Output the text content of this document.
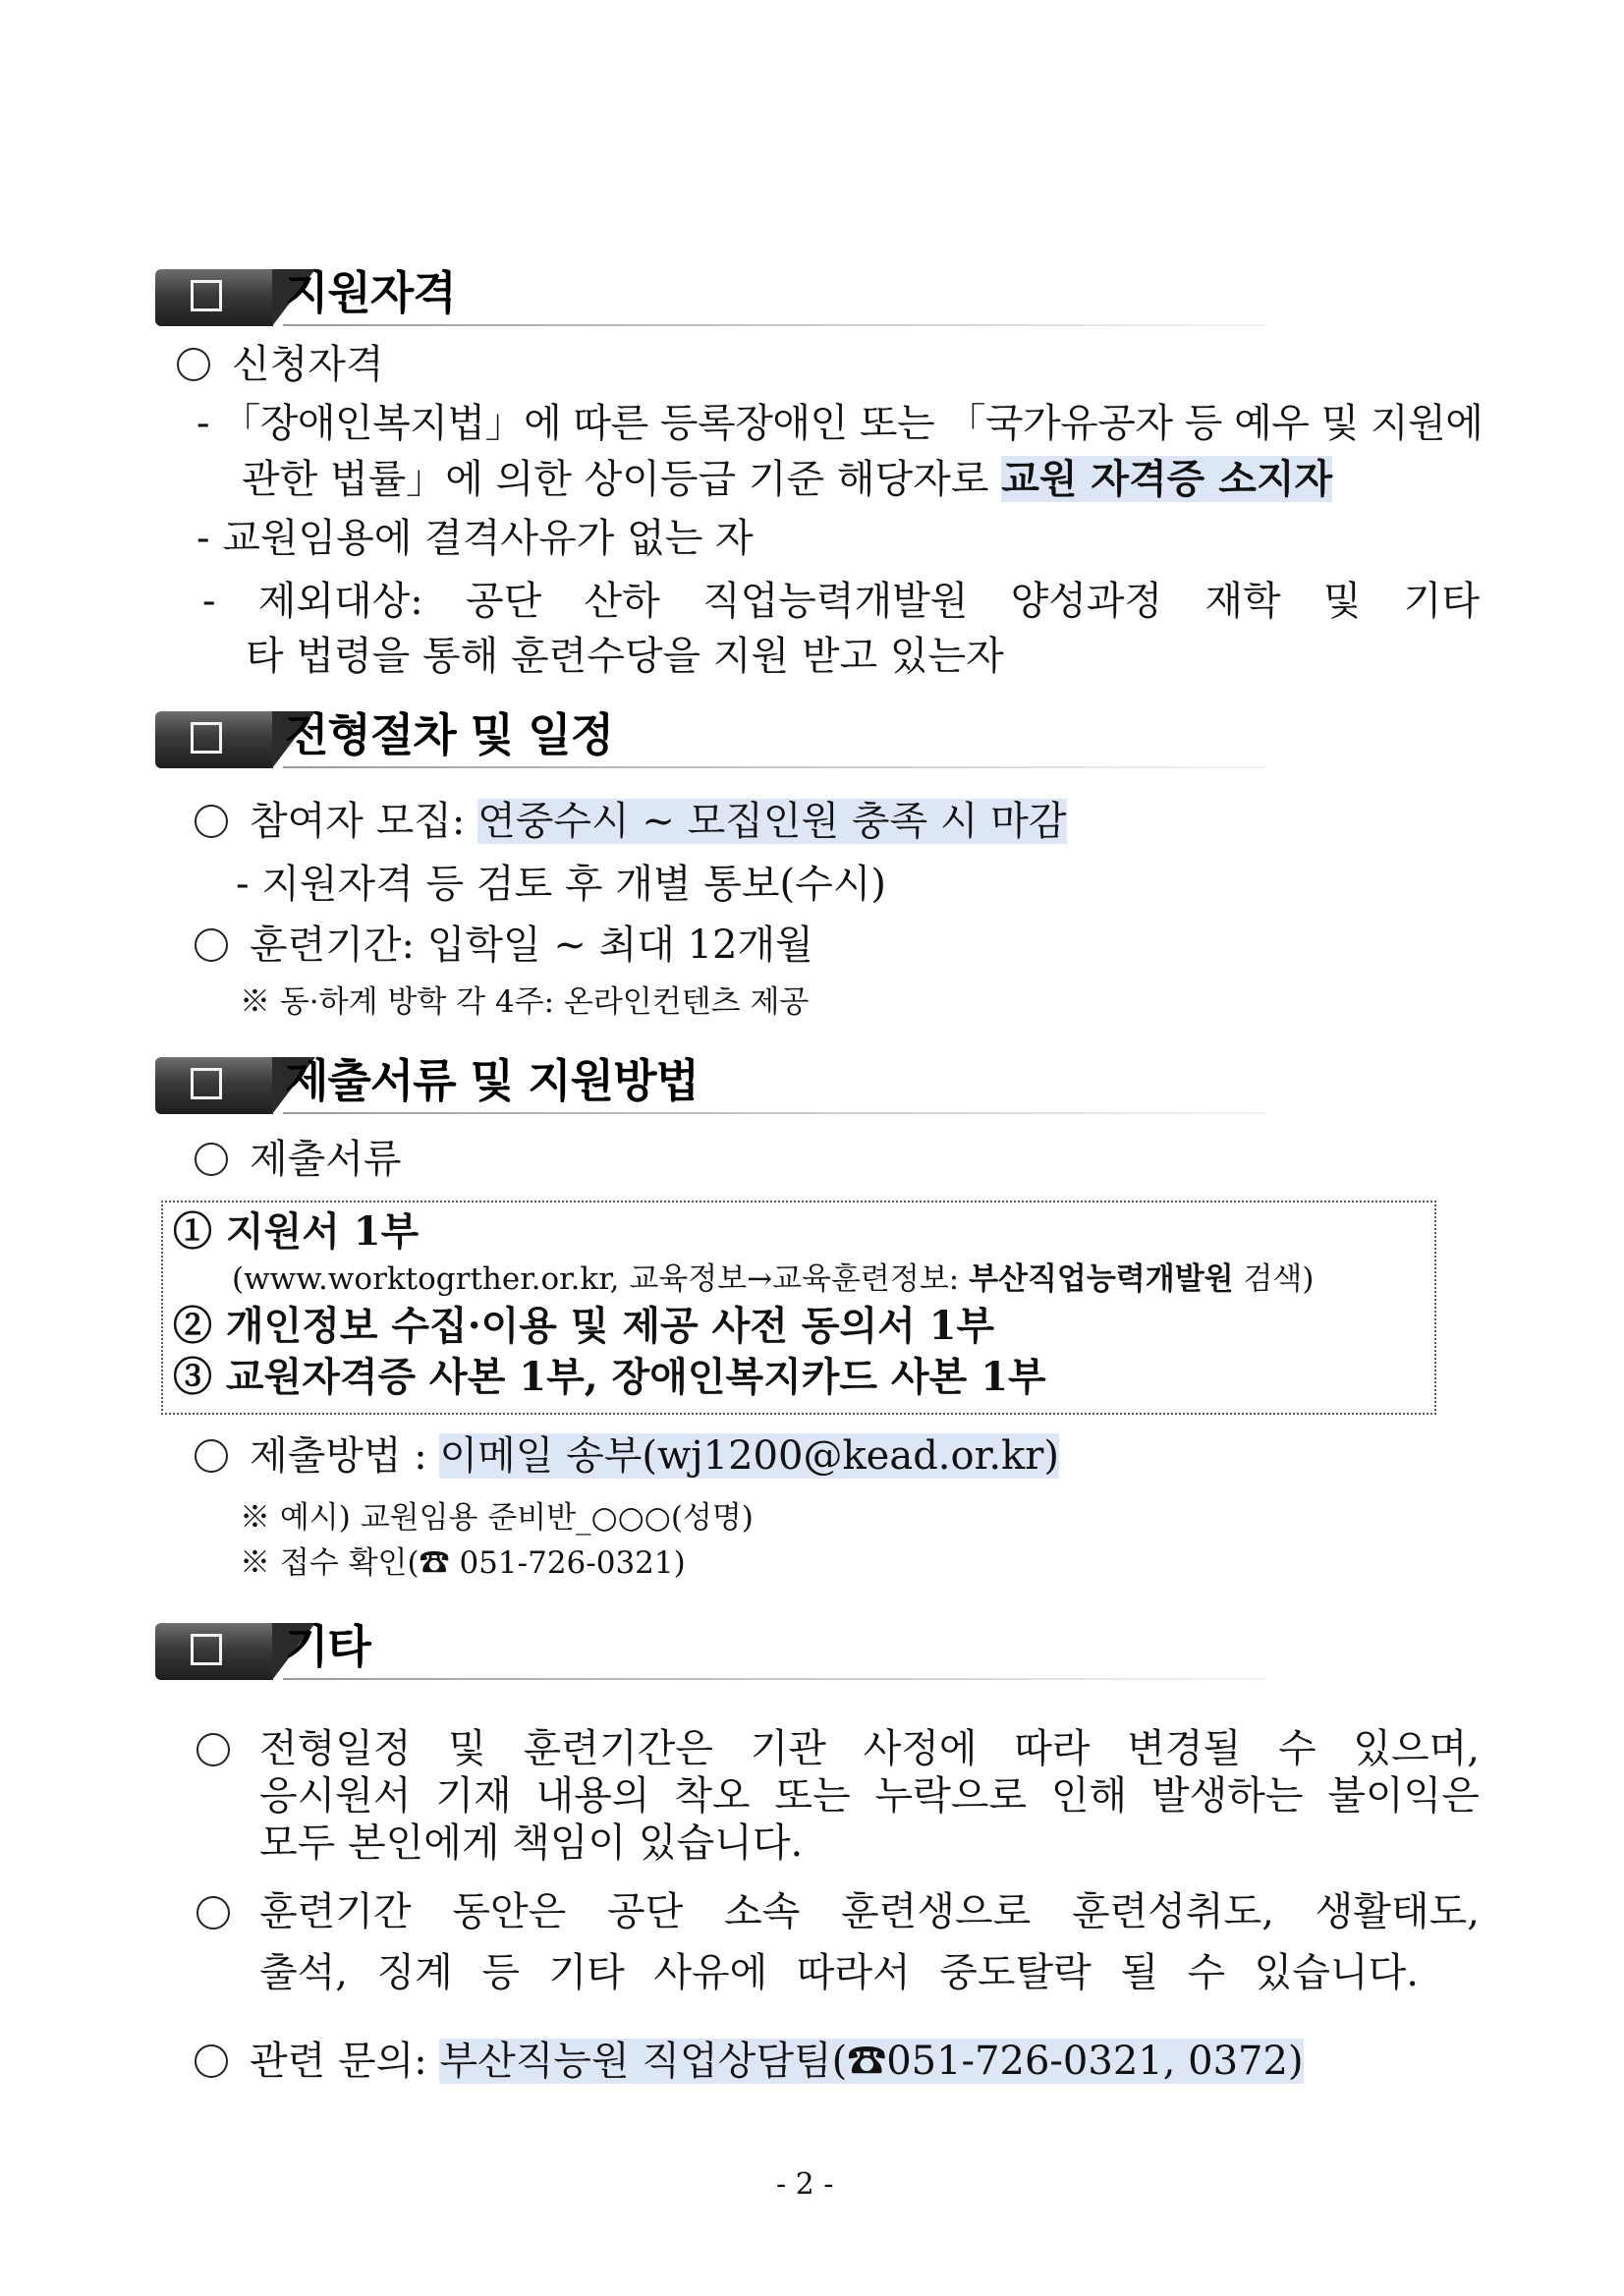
지원자격
신청자격
- 「장애인복지법」에 따른 등록장애인 또는 「국가유공자 등 예우 및 지원에
관한 법률」에 의한 상이등급 기준 해당자로 교원 자격증 소지자
- 교원임용에 결격사유가 없는 자
- 제외대상: 공단 산하 직업능력개발원 양성과정 재학 및 기타
타 법령을 통해 훈련수당을 지원 받고 있는자
전형절차 및 일정
참여자 모집: 연중수시 ~ 모집인원 충족 시 마감
- 지원자격 등 검토 후 개별 통보(수시)
훈련기간: 입학일 ~ 최대 12개월
※ 동·하계 방학 각 4주: 온라인컨텐츠 제공
제출서류 및 지원방법
제출서류
① 지원서 1부
(www.worktogrther.or.kr, 교육정보→교육훈련정보: 부산직업능력개발원 검색)
② 개인정보 수집·이용 및 제공 사전 동의서 1부
③ 교원자격증 사본 1부, 장애인복지카드 사본 1부
제출방법 : 이메일 송부(wj1200@kead.or.kr)
※ 예시) 교원임용 준비반_○○○(성명)
※ 접수 확인(☎ 051-726-0321)
기타
전형일정 및 훈련기간은 기관 사정에 따라 변경될 수 있으며,
응시원서 기재 내용의 착오 또는 누락으로 인해 발생하는 불이익은
모두 본인에게 책임이 있습니다.
훈련기간 동안은 공단 소속 훈련생으로 훈련성취도, 생활태도,
출석, 징계 등 기타 사유에 따라서 중도탈락 될 수 있습니다.
관련 문의: 부산직능원 직업상담팀(☎051-726-0321, 0372)
- 2 -
